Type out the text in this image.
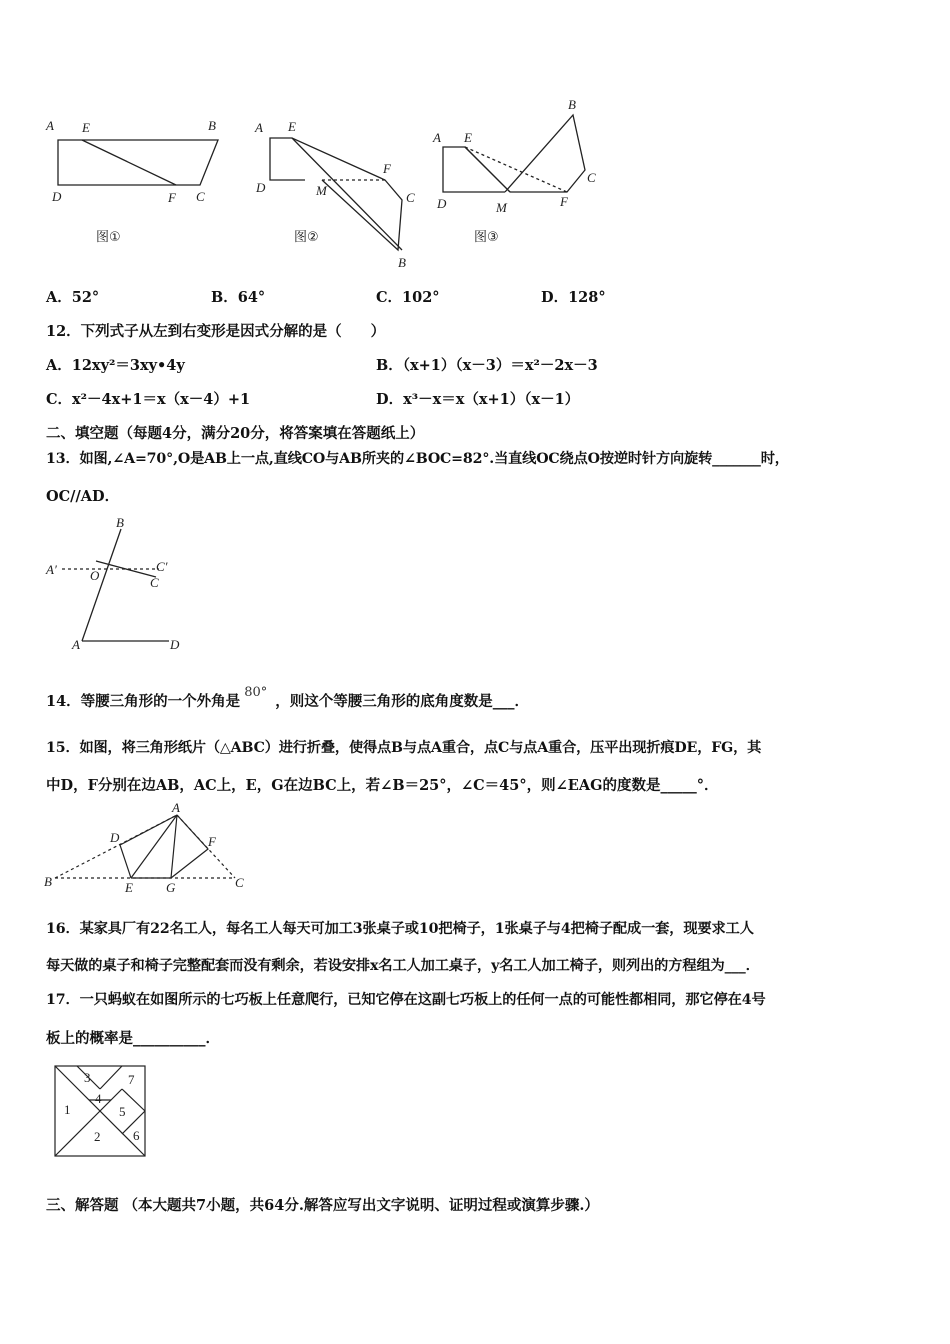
A E	B
D	F C
图①
A E
F
M
D
C
B
图②
A E
B
C
D	M	F
图③
A．52°	B．64°	C．102°	D．128°
12．下列式子从左到右变形是因式分解的是（　　）
A．12xy²＝3xy•4y	B．（x+1）（x－3）＝x²－2x－3
C．x²－4x+1＝x（x－4）+1	D．x³－x＝x（x+1）（x－1）
二、填空题（每题4分，满分20分，将答案填在答题纸上）
13．如图,∠A=70°,O是AB上一点,直线CO与AB所夹的∠BOC=82°.当直线OC绕点O按逆时针方向旋转_______时，
OC//AD．
B
A′	O
C′
C
A	D
14．等腰三角形的一个外角是80°，则这个等腰三角形的底角度数是___．
15．如图，将三角形纸片（△ABC）进行折叠，使得点B与点A重合，点C与点A重合，压平出现折痕DE，FG，其
中D，F分别在边AB，AC上，E，G在边BC上，若∠B＝25°，∠C＝45°，则∠EAG的度数是_____°．
A
D	F
B	E	G	C
16．某家具厂有22名工人，每名工人每天可加工3张桌子或10把椅子，1张桌子与4把椅子配成一套，现要求工人
每天做的桌子和椅子完整配套而没有剩余，若设安排x名工人加工桌子，y名工人加工椅子，则列出的方程组为___．
17．一只蚂蚁在如图所示的七巧板上任意爬行，已知它停在这副七巧板上的任何一点的可能性都相同，那它停在4号
板上的概率是__________．
3	7
4
1	5
2	6
三、解答题 （本大题共7小题，共64分.解答应写出文字说明、证明过程或演算步骤.）
